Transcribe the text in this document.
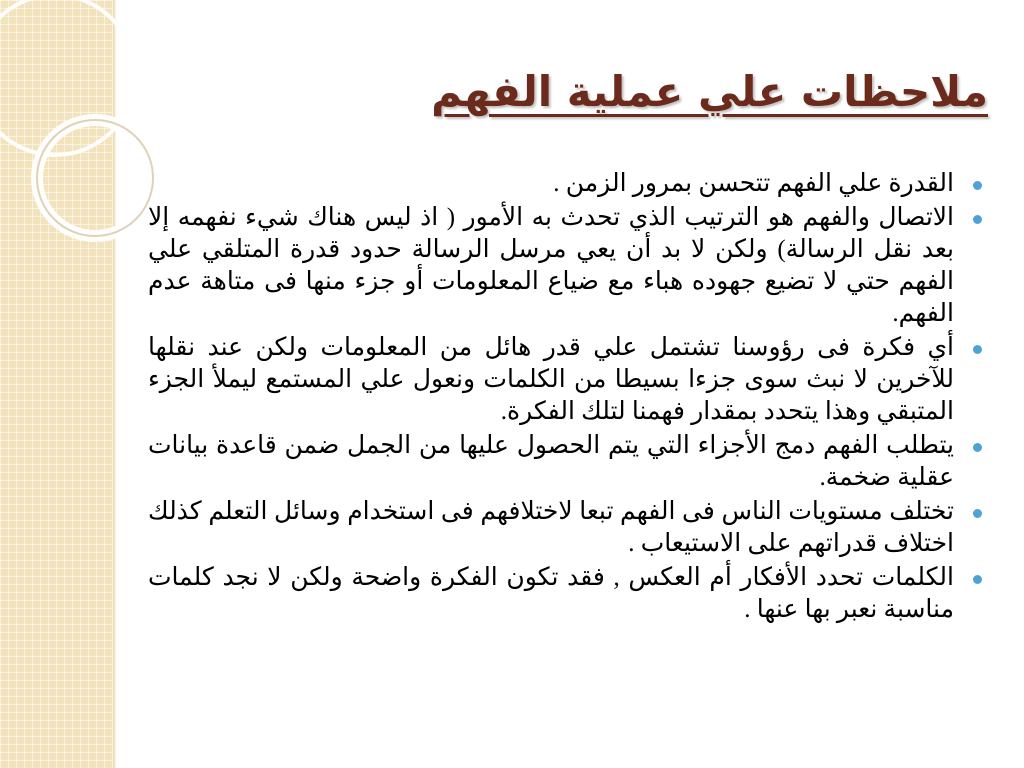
ملاحظات علي عملية الفهم
القدرة علي الفهم تتحسن بمرور الزمن .
الاتصال والفهم هو الترتيب الذي تحدث به الأمور ( اذ ليس هناك شيء نفهمه إلا بعد نقل الرسالة) ولكن لا بد أن يعي مرسل الرسالة حدود قدرة المتلقي علي الفهم حتي لا تضيع جهوده هباء مع ضياع المعلومات أو جزء منها فى متاهة عدم الفهم.
أي فكرة فى رؤوسنا تشتمل علي قدر هائل من المعلومات ولكن عند نقلها للآخرين لا نبث سوى جزءا بسيطا من الكلمات ونعول علي المستمع ليملأ الجزء المتبقي وهذا يتحدد بمقدار فهمنا لتلك الفكرة.
يتطلب الفهم دمج الأجزاء التي يتم الحصول عليها من الجمل ضمن قاعدة بيانات عقلية ضخمة.
تختلف مستويات الناس فى الفهم تبعا لاختلافهم فى استخدام وسائل التعلم كذلك اختلاف قدراتهم على الاستيعاب .
الكلمات تحدد الأفكار أم العكس , فقد تكون الفكرة واضحة ولكن لا نجد كلمات مناسبة نعبر بها عنها .
